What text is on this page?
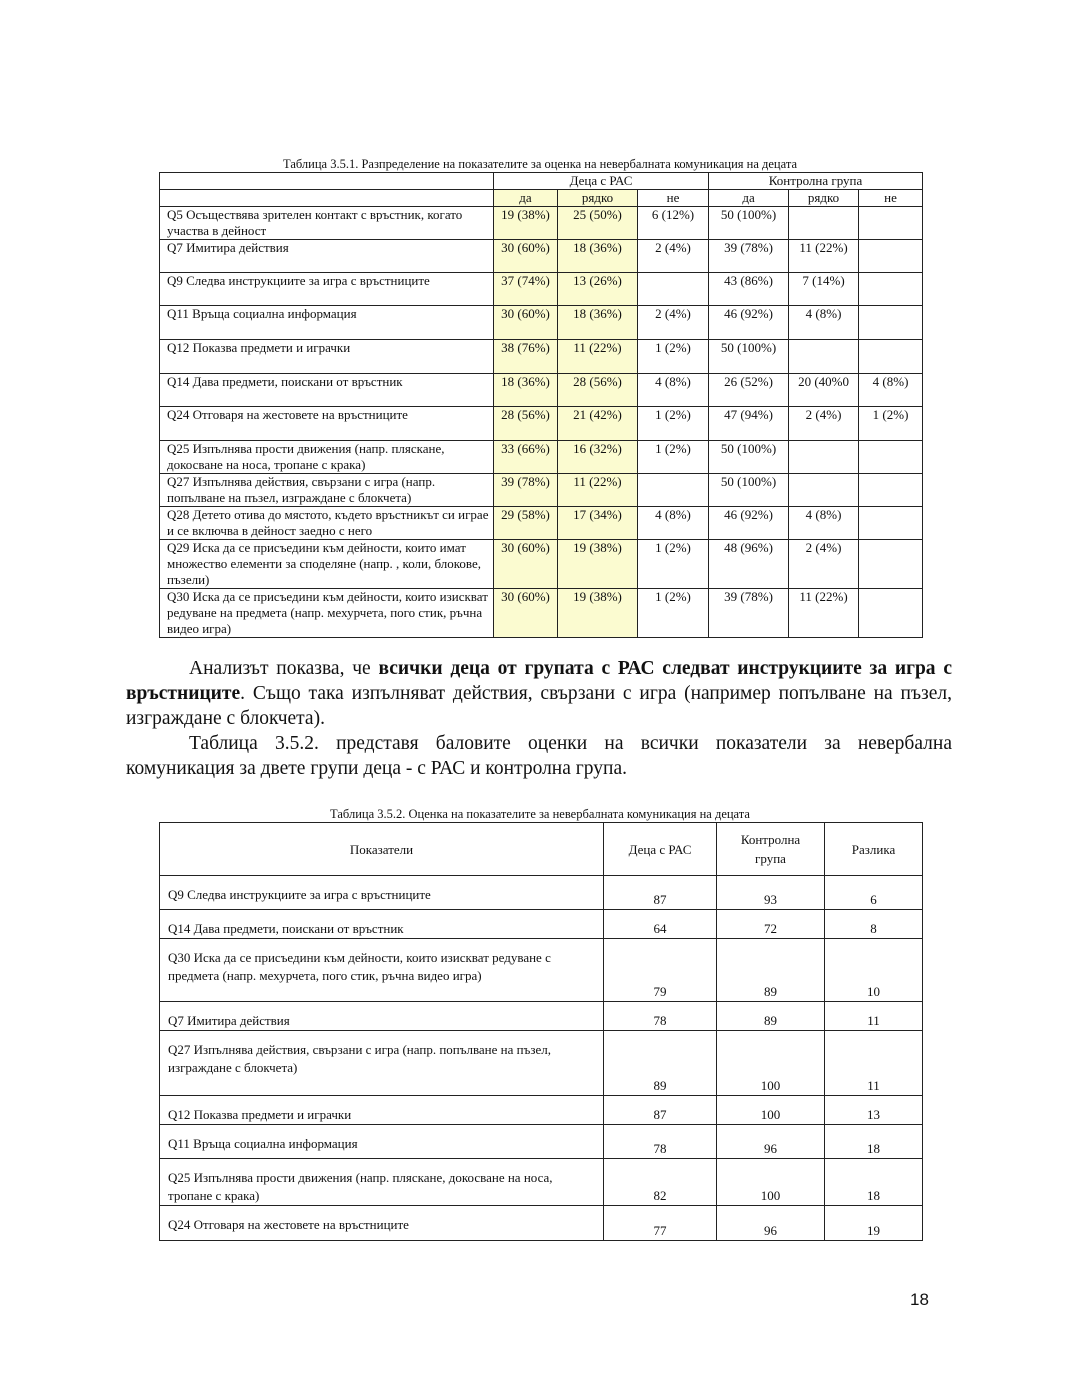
Таблица 3.5.1. Разпределение на показателите за оценка на невербалната комуникация на децата
	Деца с РАС			Контролна група		
	да	рядко	не	да	рядко	не
Q5 Осъществява зрителен контакт с връстник, когато участва в дейност	19 (38%)	25 (50%)	6 (12%)	50 (100%)		
Q7 Имитира действия	30 (60%)	18 (36%)	2 (4%)	39 (78%)	11 (22%)	
Q9 Следва инструкциите за игра с връстниците	37 (74%)	13 (26%)		43 (86%)	7 (14%)	
Q11 Връща социална информация	30 (60%)	18 (36%)	2 (4%)	46 (92%)	4 (8%)	
Q12 Показва предмети и играчки	38 (76%)	11 (22%)	1 (2%)	50 (100%)		
Q14 Дава предмети, поискани от връстник	18 (36%)	28 (56%)	4 (8%)	26 (52%)	20 (40%0	4 (8%)
Q24 Отговаря на жестовете на връстниците	28 (56%)	21 (42%)	1 (2%)	47 (94%)	2 (4%)	1 (2%)
Q25 Изпълнява прости движения (напр. пляскане, докосване на носа, тропане с крака)	33 (66%)	16 (32%)	1 (2%)	50 (100%)		
Q27 Изпълнява действия, свързани с игра (напр. попълване на пъзел, изграждане с блокчета)	39 (78%)	11 (22%)		50 (100%)		
Q28 Детето отива до мястото, където връстникът си играе и се включва в дейност заедно с него	29 (58%)	17 (34%)	4 (8%)	46 (92%)	4 (8%)	
Q29 Иска да се присъедини към дейности, които имат множество елементи за споделяне (напр. , коли, блокове, пъзели)	30 (60%)	19 (38%)	1 (2%)	48 (96%)	2 (4%)	
Q30 Иска да се присъедини към дейности, които изискват редуване на предмета (напр. мехурчета, пого стик, ръчна видео игра)	30 (60%)	19 (38%)	1 (2%)	39 (78%)	11 (22%)	

Анализът показва, че всички деца от групата с РАС следват инструкциите за игра с връстниците. Също така изпълняват действия, свързани с игра (например попълване на пъзел, изграждане с блокчета).

Таблица 3.5.2. представя баловите оценки на всички показатели за невербална комуникация за двете групи деца - с РАС и контролна група.

Таблица 3.5.2. Оценка на показателите за невербалната комуникация на децата
Показатели	Деца с РАС	Контролна група	Разлика
Q9 Следва инструкциите за игра с връстниците	87	93	6
Q14 Дава предмети, поискани от връстник	64	72	8
Q30 Иска да се присъедини към дейности, които изискват редуване с предмета (напр. мехурчета, пого стик, ръчна видео игра)	79	89	10
Q7 Имитира действия	78	89	11
Q27 Изпълнява действия, свързани с игра (напр. попълване на пъзел, изграждане с блокчета)	89	100	11
Q12 Показва предмети и играчки	87	100	13
Q11 Връща социална информация	78	96	18
Q25 Изпълнява прости движения (напр. пляскане, докосване на носа, тропане с крака)	82	100	18
Q24 Отговаря на жестовете на връстниците	77	96	19
18
